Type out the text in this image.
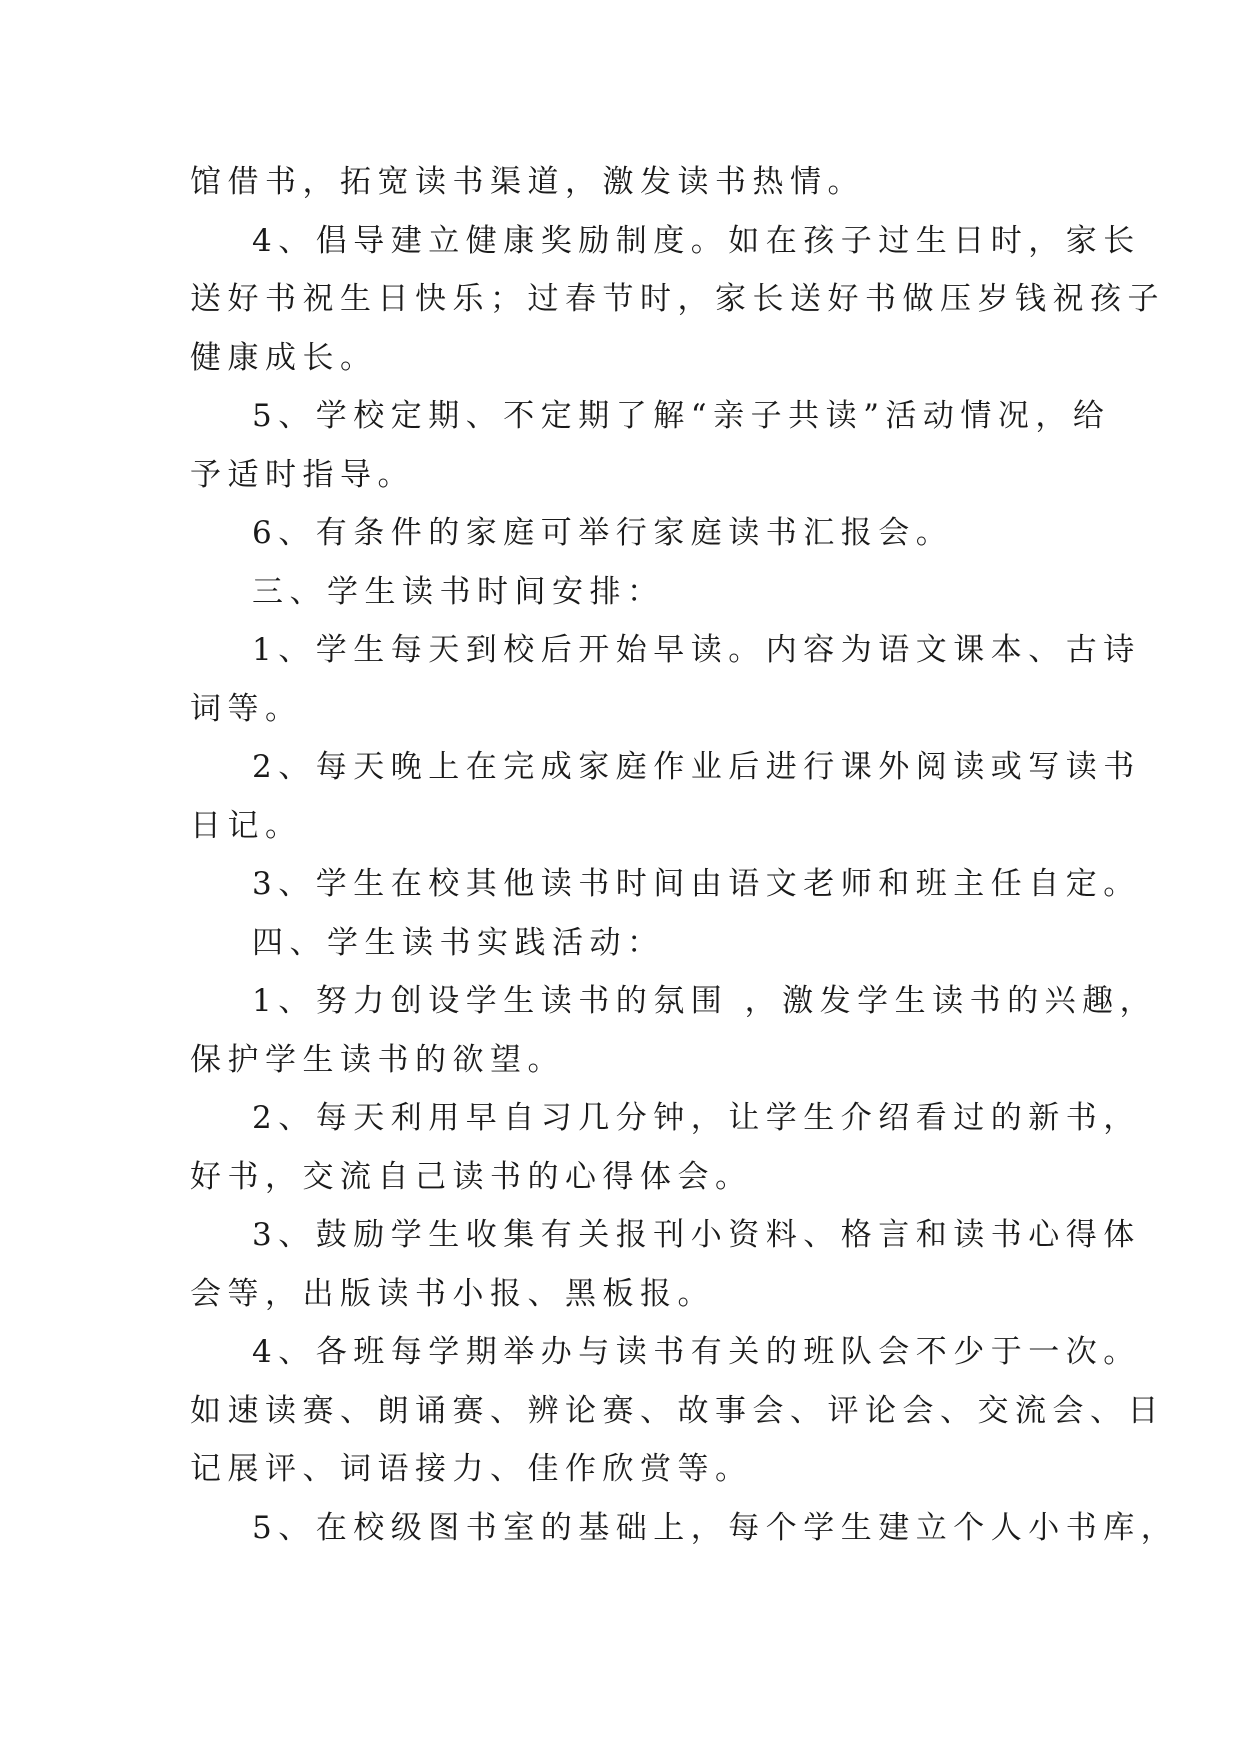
馆借书，拓宽读书渠道，激发读书热情。

4、倡导建立健康奖励制度。如在孩子过生日时，家长

送好书祝生日快乐；过春节时，家长送好书做压岁钱祝孩子

健康成长。

5、学校定期、不定期了解“亲子共读”活动情况，给

予适时指导。

6、有条件的家庭可举行家庭读书汇报会。

三、学生读书时间安排：

1、学生每天到校后开始早读。内容为语文课本、古诗

词等。

2、每天晚上在完成家庭作业后进行课外阅读或写读书

日记。

3、学生在校其他读书时间由语文老师和班主任自定。

四、学生读书实践活动：

1、努力创设学生读书的氛围 ，激发学生读书的兴趣，

保护学生读书的欲望。

2、每天利用早自习几分钟，让学生介绍看过的新书，

好书，交流自己读书的心得体会。

3、鼓励学生收集有关报刊小资料、格言和读书心得体

会等，出版读书小报、黑板报。

4、各班每学期举办与读书有关的班队会不少于一次。

如速读赛、朗诵赛、辨论赛、故事会、评论会、交流会、日

记展评、词语接力、佳作欣赏等。

5、在校级图书室的基础上，每个学生建立个人小书库，
